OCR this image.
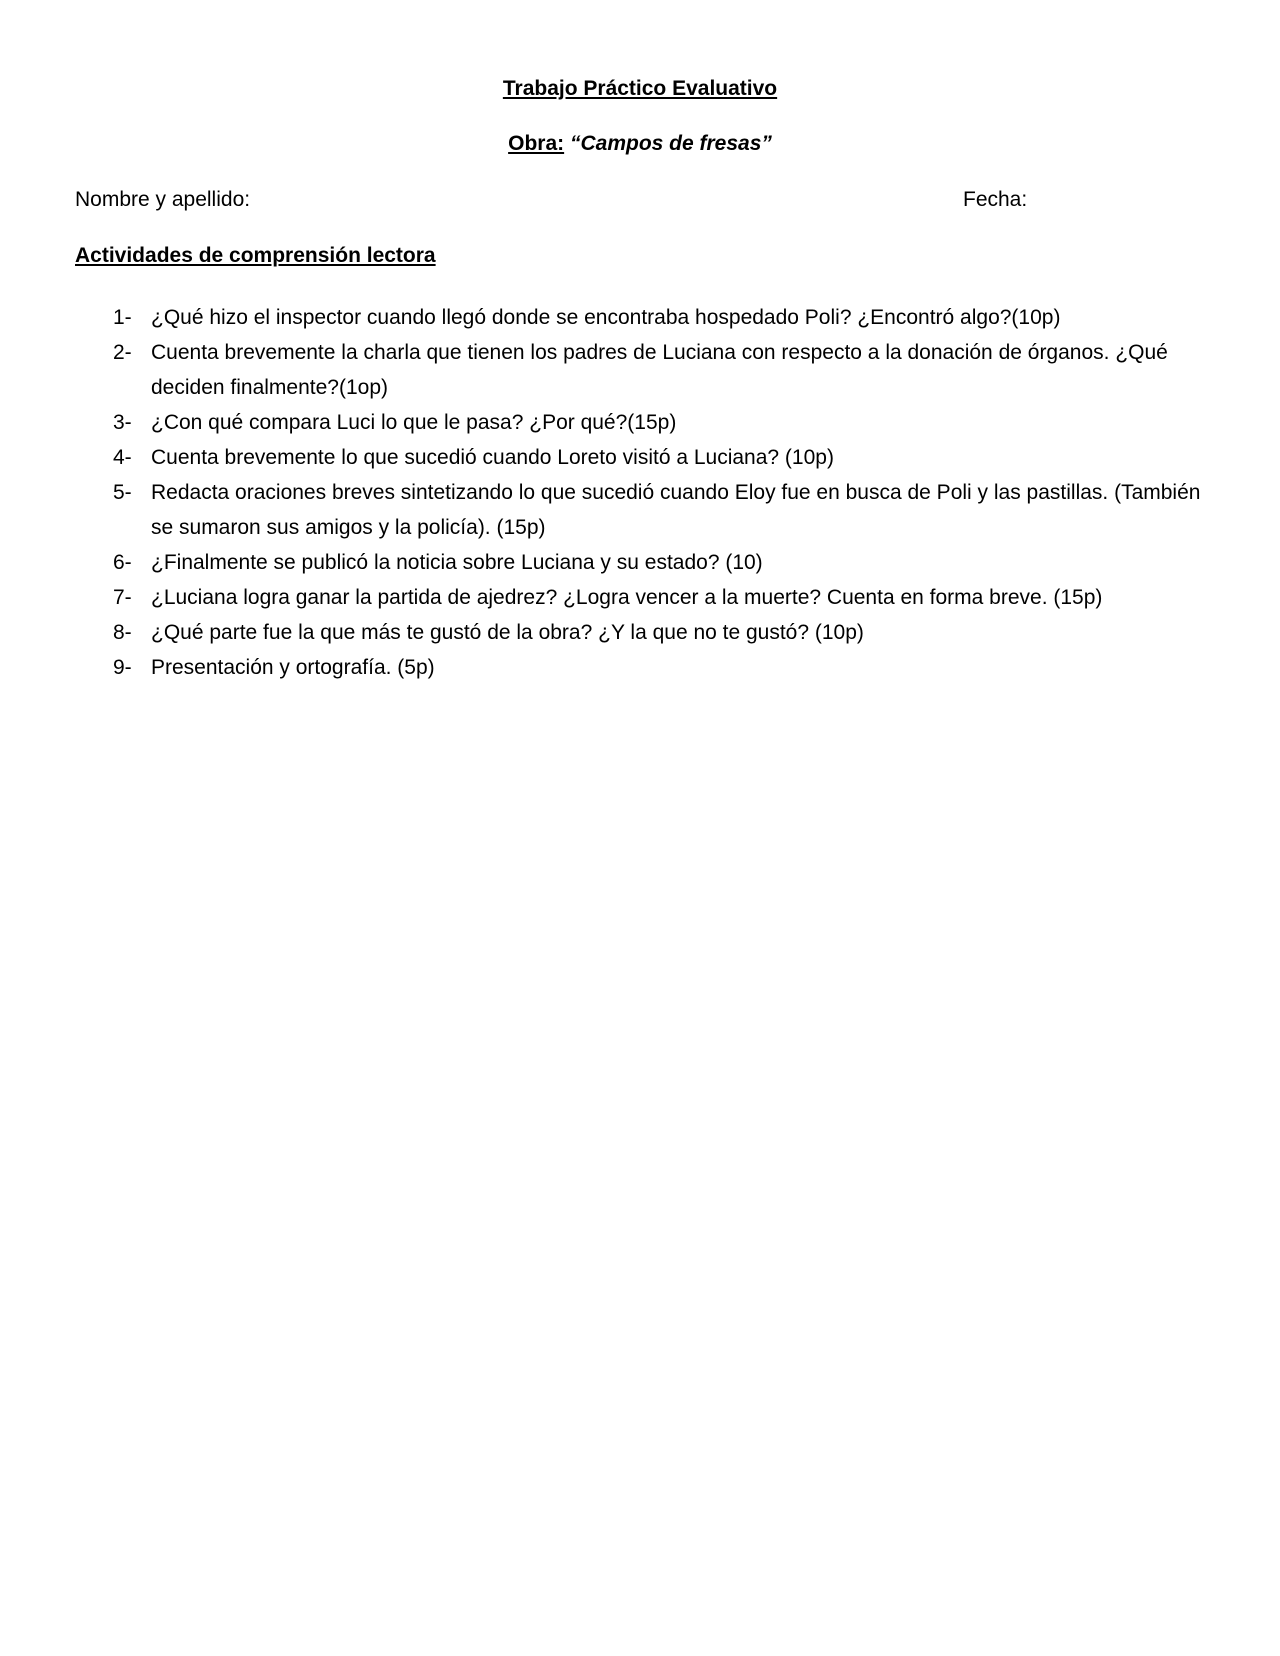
Trabajo Práctico Evaluativo
Obra: “Campos de fresas”
Nombre y apellido:	Fecha:
Actividades de comprensión lectora
1- ¿Qué hizo el inspector cuando llegó donde se encontraba hospedado Poli? ¿Encontró algo?(10p)
2- Cuenta brevemente la charla que tienen los padres de Luciana con respecto a la donación de órganos. ¿Qué deciden finalmente?(1op)
3- ¿Con qué compara Luci lo que le pasa? ¿Por qué?(15p)
4- Cuenta brevemente lo que sucedió cuando Loreto visitó a Luciana? (10p)
5- Redacta oraciones breves sintetizando lo que sucedió cuando Eloy fue en busca de Poli y las pastillas. (También se sumaron sus amigos y la policía). (15p)
6- ¿Finalmente se publicó la noticia sobre Luciana y su estado? (10)
7- ¿Luciana logra ganar la partida de ajedrez? ¿Logra vencer a la muerte? Cuenta en forma breve. (15p)
8- ¿Qué parte fue la que más te gustó de la obra? ¿Y la que no te gustó? (10p)
9- Presentación y ortografía. (5p)
